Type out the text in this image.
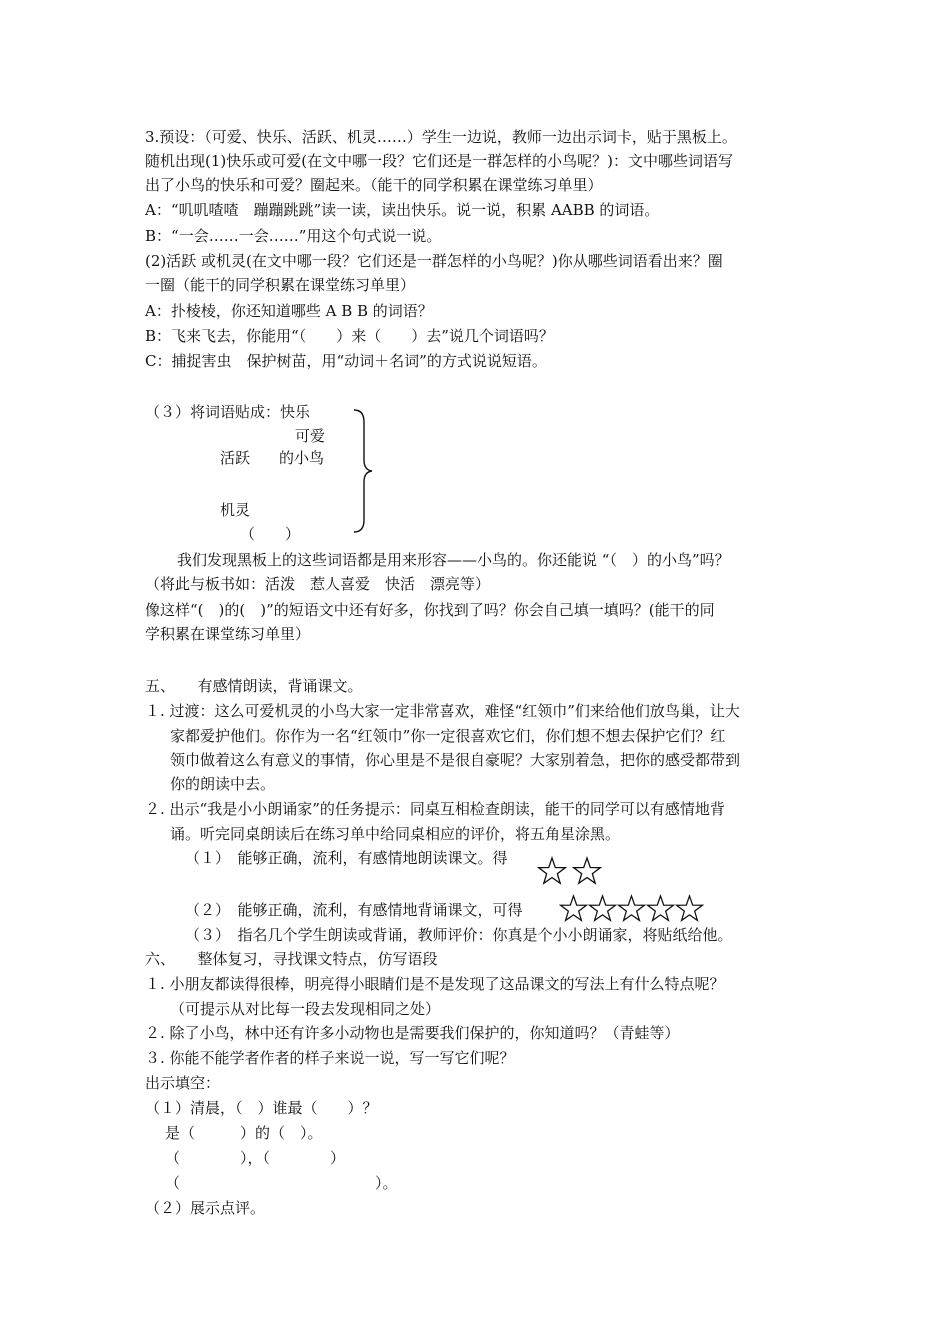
3.预设：（可爱、快乐、活跃、机灵……）学生一边说，教师一边出示词卡，贴于黑板上。
随机出现(1)快乐或可爱(在文中哪一段？它们还是一群怎样的小鸟呢？)：文中哪些词语写
出了小鸟的快乐和可爱？圈起来。（能干的同学积累在课堂练习单里）
A：“叽叽喳喳　蹦蹦跳跳”读一读，读出快乐。说一说，积累 AABB 的词语。
B：“一会……一会……”用这个句式说一说。
(2)活跃 或机灵(在文中哪一段？它们还是一群怎样的小鸟呢？)你从哪些词语看出来？圈
一圈（能干的同学积累在课堂练习单里）
A：扑棱棱，你还知道哪些 A B B 的词语？
B：飞来飞去，你能用“（　　）来（　　）去”说几个词语吗？
C：捕捉害虫　保护树苗，用“动词＋名词”的方式说说短语。
（３）将词语贴成：快乐
可爱
活跃 的小鸟
机灵
（　　）
我们发现黑板上的这些词语都是用来形容——小鸟的。你还能说 “（　）的小鸟”吗？
（将此与板书如：活泼　惹人喜爱　快活　漂亮等）
像这样“(　)的(　)”的短语文中还有好多，你找到了吗？你会自己填一填吗？(能干的同
学积累在课堂练习单里）
五、　　有感情朗读，背诵课文。
１. 过渡：这么可爱机灵的小鸟大家一定非常喜欢，难怪“红领巾”们来给他们放鸟巢，让大
家都爱护他们。你作为一名“红领巾”你一定很喜欢它们，你们想不想去保护它们？红
领巾做着这么有意义的事情，你心里是不是很自豪呢？大家别着急，把你的感受都带到
你的朗读中去。
２. 出示“我是小小朗诵家”的任务提示：同桌互相检查朗读，能干的同学可以有感情地背
诵。听完同桌朗读后在练习单中给同桌相应的评价，将五角星涂黑。
（１）　能够正确，流利，有感情地朗读课文。得
（２）　能够正确，流利，有感情地背诵课文，可得
（３）　指名几个学生朗读或背诵，教师评价：你真是个小小朗诵家，将贴纸给他。
六、　　整体复习，寻找课文特点，仿写语段
１. 小朋友都读得很棒，明亮得小眼睛们是不是发现了这品课文的写法上有什么特点呢？
（可提示从对比每一段去发现相同之处）
２. 除了小鸟，林中还有许多小动物也是需要我们保护的，你知道吗？（青蛙等）
３. 你能不能学者作者的样子来说一说，写一写它们呢？
出示填空：
（１）清晨，（　）谁最（　　）？
是（　　　）的（　）。
（　　　　），（　　　　）
（　　　　　　　　　　　　　）。
（２）展示点评。
